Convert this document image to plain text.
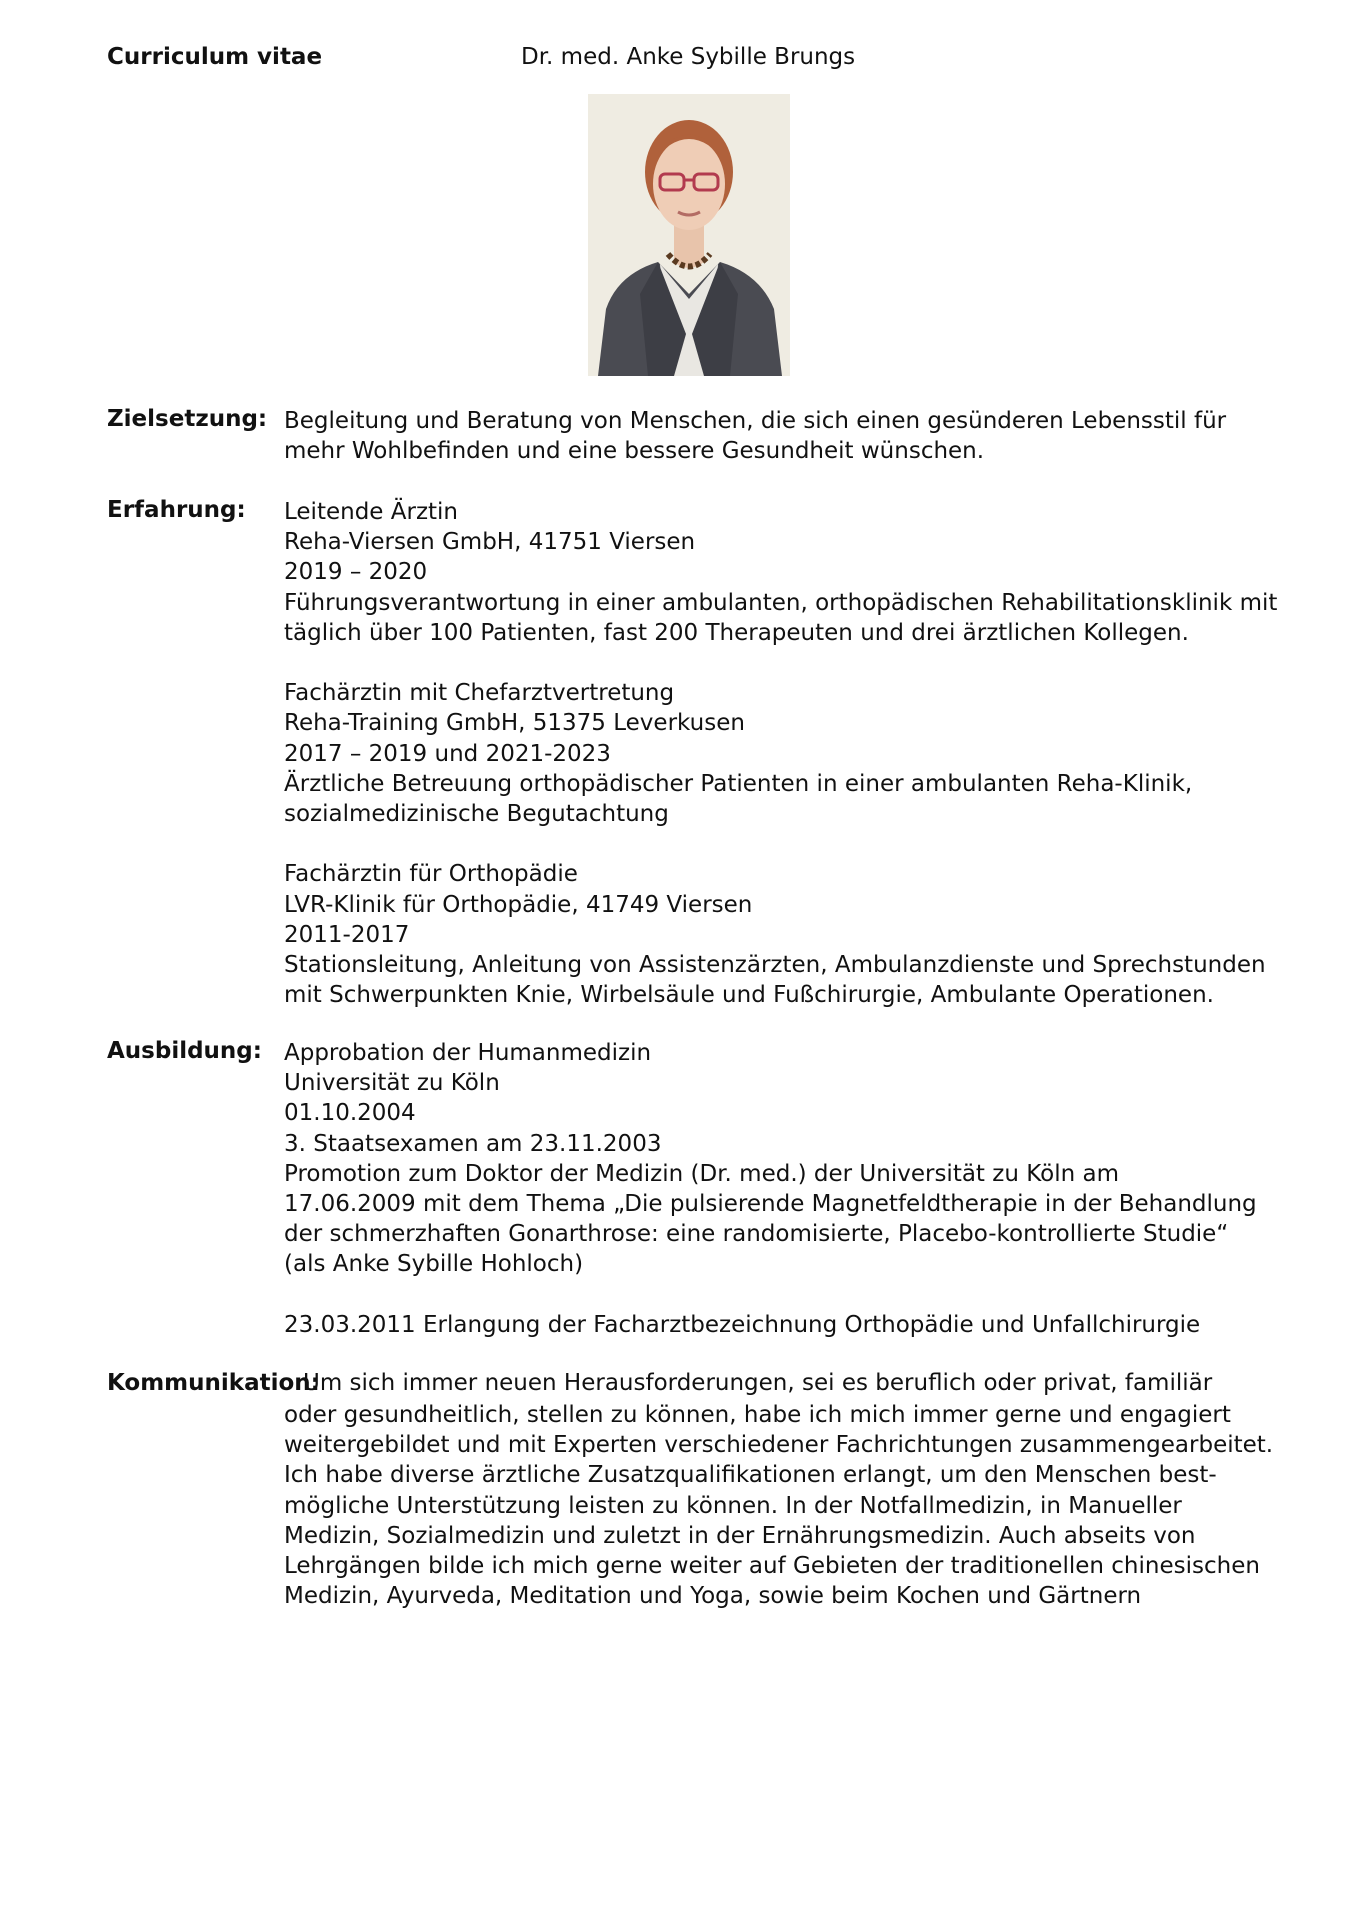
Curriculum vitae	Dr. med. Anke Sybille Brungs
Zielsetzung: Begleitung und Beratung von Menschen, die sich einen gesünderen Lebensstil für
mehr Wohlbefinden und eine bessere Gesundheit wünschen.
Erfahrung: Leitende Ärztin
Reha-Viersen GmbH, 41751 Viersen
2019 – 2020
Führungsverantwortung in einer ambulanten, orthopädischen Rehabilitationsklinik mit
täglich über 100 Patienten, fast 200 Therapeuten und drei ärztlichen Kollegen.
Fachärztin mit Chefarztvertretung
Reha-Training GmbH, 51375 Leverkusen
2017 – 2019 und 2021-2023
Ärztliche Betreuung orthopädischer Patienten in einer ambulanten Reha-Klinik,
sozialmedizinische Begutachtung
Fachärztin für Orthopädie
LVR-Klinik für Orthopädie, 41749 Viersen
2011-2017
Stationsleitung, Anleitung von Assistenzärzten, Ambulanzdienste und Sprechstunden
mit Schwerpunkten Knie, Wirbelsäule und Fußchirurgie, Ambulante Operationen.
Ausbildung: Approbation der Humanmedizin
Universität zu Köln
01.10.2004
3. Staatsexamen am 23.11.2003
Promotion zum Doktor der Medizin (Dr. med.) der Universität zu Köln am
17.06.2009 mit dem Thema „Die pulsierende Magnetfeldtherapie in der Behandlung
der schmerzhaften Gonarthrose: eine randomisierte, Placebo-kontrollierte Studie“
(als Anke Sybille Hohloch)
23.03.2011 Erlangung der Facharztbezeichnung Orthopädie und Unfallchirurgie
Kommunikation:
Um sich immer neuen Herausforderungen, sei es beruflich oder privat, familiär
oder gesundheitlich, stellen zu können, habe ich mich immer gerne und engagiert
weitergebildet und mit Experten verschiedener Fachrichtungen zusammengearbeitet.
Ich habe diverse ärztliche Zusatzqualifikationen erlangt, um den Menschen best-
mögliche Unterstützung leisten zu können. In der Notfallmedizin, in Manueller
Medizin, Sozialmedizin und zuletzt in der Ernährungsmedizin. Auch abseits von
Lehrgängen bilde ich mich gerne weiter auf Gebieten der traditionellen chinesischen
Medizin, Ayurveda, Meditation und Yoga, sowie beim Kochen und Gärtnern
